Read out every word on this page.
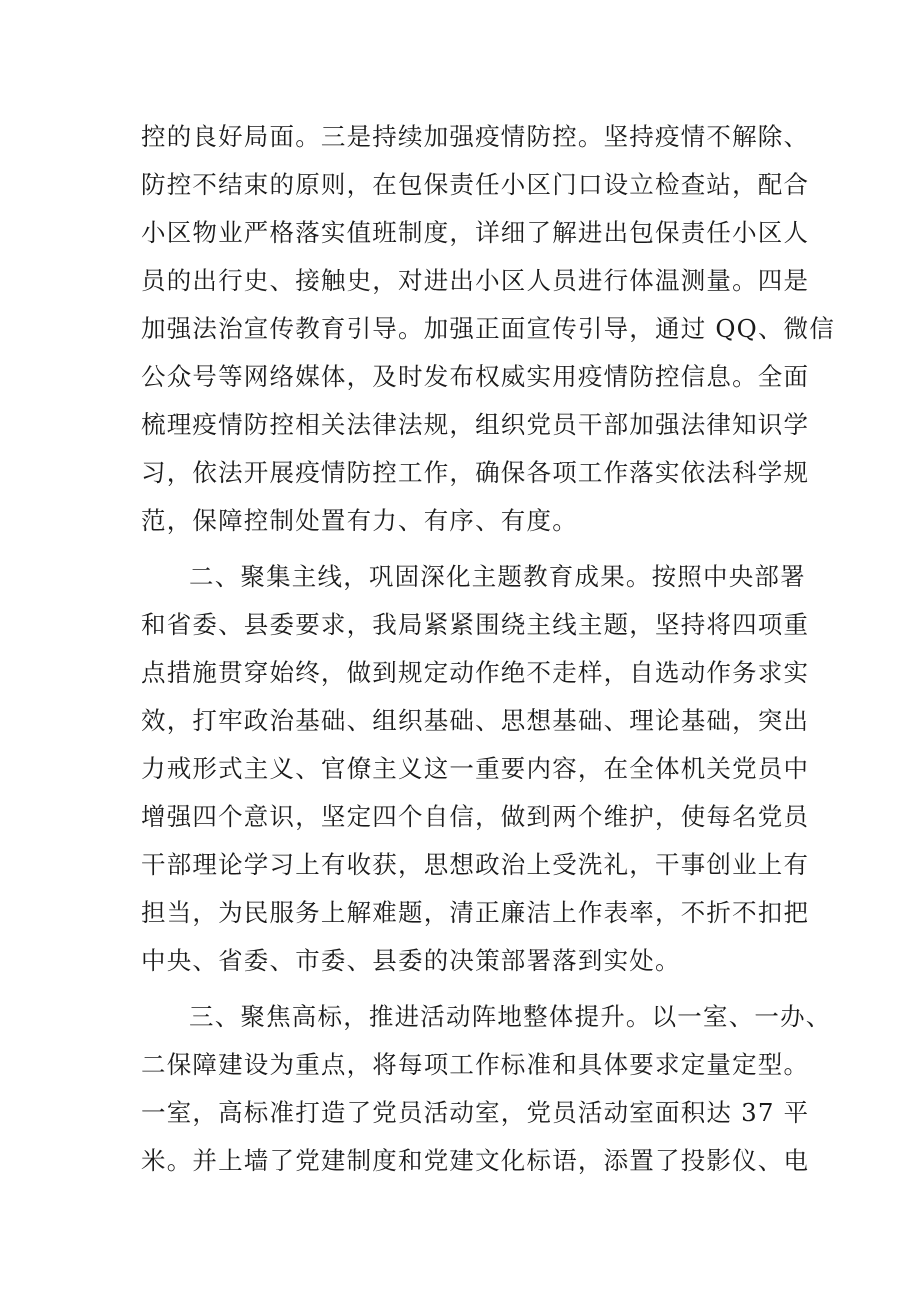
控的良好局面。三是持续加强疫情防控。坚持疫情不解除、
防控不结束的原则，在包保责任小区门口设立检查站，配合
小区物业严格落实值班制度，详细了解进出包保责任小区人
员的出行史、接触史，对进出小区人员进行体温测量。四是
加强法治宣传教育引导。加强正面宣传引导，通过 QQ、微信
公众号等网络媒体，及时发布权威实用疫情防控信息。全面
梳理疫情防控相关法律法规，组织党员干部加强法律知识学
习，依法开展疫情防控工作，确保各项工作落实依法科学规
范，保障控制处置有力、有序、有度。
二、聚集主线，巩固深化主题教育成果。按照中央部署
和省委、县委要求，我局紧紧围绕主线主题，坚持将四项重
点措施贯穿始终，做到规定动作绝不走样，自选动作务求实
效，打牢政治基础、组织基础、思想基础、理论基础，突出
力戒形式主义、官僚主义这一重要内容，在全体机关党员中
增强四个意识，坚定四个自信，做到两个维护，使每名党员
干部理论学习上有收获，思想政治上受洗礼，干事创业上有
担当，为民服务上解难题，清正廉洁上作表率，不折不扣把
中央、省委、市委、县委的决策部署落到实处。
三、聚焦高标，推进活动阵地整体提升。以一室、一办、
二保障建设为重点，将每项工作标准和具体要求定量定型。
一室，高标准打造了党员活动室，党员活动室面积达 37 平
米。并上墙了党建制度和党建文化标语，添置了投影仪、电
